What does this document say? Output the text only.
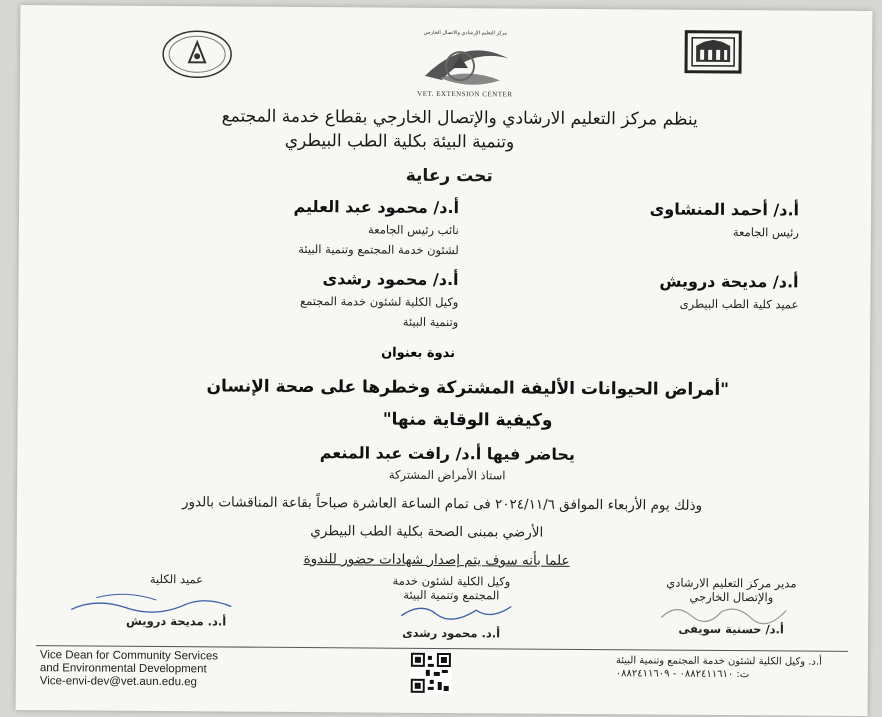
VET. EXTENSION CENTER
مركز التعليم الإرشادي والاتصال الخارجي
ينظم مركز التعليم الارشادي والإتصال الخارجي بقطاع خدمة المجتمع
وتنمية البيئة بكلية الطب البيطري
تحت رعاية
أ.د/ أحمد المنشاوى
رئيس الجامعة
أ.د/ محمود عبد العليم
نائب رئيس الجامعة
لشئون خدمة المجتمع وتنمية البيئة
أ.د/ مديحة درويش
عميد كلية الطب البيطرى
أ.د/ محمود رشدى
وكيل الكلية لشئون خدمة المجتمع
وتنمية البيئة
ندوة بعنوان
"أمراض الحيوانات الأليفة المشتركة وخطرها على صحة الإنسان
وكيفية الوقاية منها"
يحاضر فيها أ.د/ رافت عبد المنعم
استاذ الأمراض المشتركة
وذلك يوم الأربعاء الموافق ٢٠٢٤/١١/٦ فى تمام الساعة العاشرة صباحاً بقاعة المناقشات بالدور
الأرضي بمبنى الصحة بكلية الطب البيطري
علما بأنه سوف يتم إصدار شهادات حضور للندوة
مدير مركز التعليم الارشادي
والإتصال الخارجي
أ.د/ حسنية سويفى
وكيل الكلية لشئون خدمة
المجتمع وتنمية البيئة
أ.د. محمود رشدى
عميد الكلية
أ.د. مديحة درويش
Vice Dean for Community Services
and Environmental Development
Vice-envi-dev@vet.aun.edu.eg
أ.د. وكيل الكلية لشئون خدمة المجتمع وتنمية البيئة
ت: ٠٨٨٢٤١١٦١٠ - ٠٨٨٢٤١١٦٠٩
